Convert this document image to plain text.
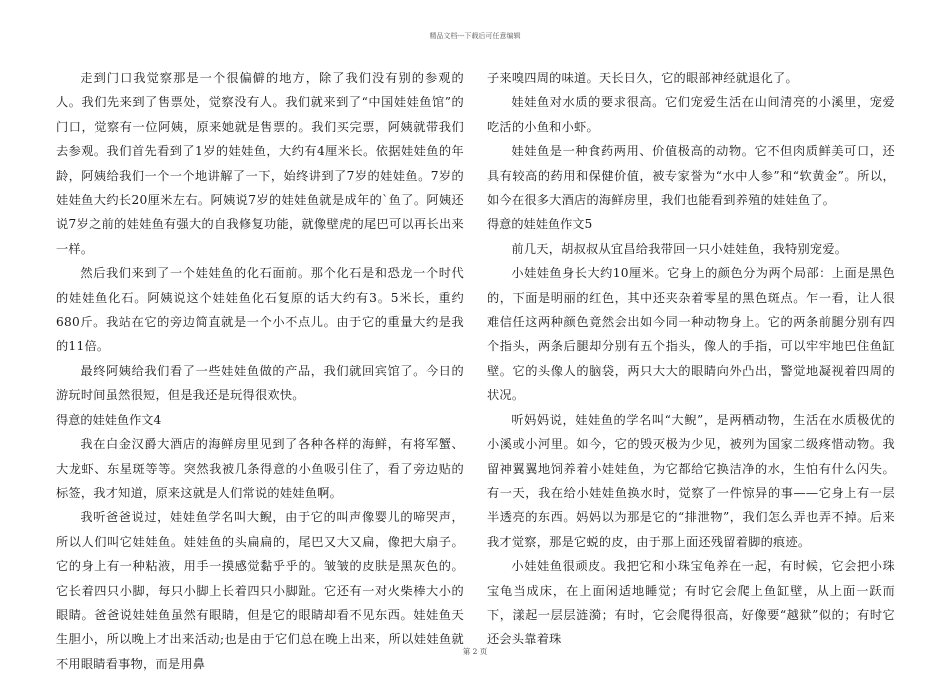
精品文档---下载后可任意编辑

走到门口我觉察那是一个很偏僻的地方，除了我们没有别的参观的人。我们先来到了售票处，觉察没有人。我们就来到了“中国娃娃鱼馆”的门口，觉察有一位阿姨，原来她就是售票的。我们买完票，阿姨就带我们去参观。我们首先看到了1岁的娃娃鱼，大约有4厘米长。依据娃娃鱼的年龄，阿姨给我们一个一个地讲解了一下，始终讲到了7岁的娃娃鱼。7岁的娃娃鱼大约长20厘米左右。阿姨说7岁的娃娃鱼就是成年的`鱼了。阿姨还说7岁之前的娃娃鱼有强大的自我修复功能，就像壁虎的尾巴可以再长出来一样。

然后我们来到了一个娃娃鱼的化石面前。那个化石是和恐龙一个时代的娃娃鱼化石。阿姨说这个娃娃鱼化石复原的话大约有3。5米长，重约680斤。我站在它的旁边简直就是一个小不点儿。由于它的重量大约是我的11倍。

最终阿姨给我们看了一些娃娃鱼做的产品，我们就回宾馆了。今日的游玩时间虽然很短，但是我还是玩得很欢快。

得意的娃娃鱼作文4

我在白金汉爵大酒店的海鲜房里见到了各种各样的海鲜，有将军蟹、大龙虾、东星斑等等。突然我被几条得意的小鱼吸引住了，看了旁边贴的标签，我才知道，原来这就是人们常说的娃娃鱼啊。

我听爸爸说过，娃娃鱼学名叫大鲵，由于它的叫声像婴儿的啼哭声，所以人们叫它娃娃鱼。娃娃鱼的头扁扁的，尾巴又大又扁，像把大扇子。它的身上有一种粘液，用手一摸感觉黏乎乎的。皱皱的皮肤是黑灰色的。它长着四只小脚，每只小脚上长着四只小脚趾。它还有一对火柴棒大小的眼睛。爸爸说娃娃鱼虽然有眼睛，但是它的眼睛却看不见东西。娃娃鱼天生胆小，所以晚上才出来活动;也是由于它们总在晚上出来，所以娃娃鱼就不用眼睛看事物，而是用鼻

子来嗅四周的味道。天长日久，它的眼部神经就退化了。

娃娃鱼对水质的要求很高。它们宠爱生活在山间清亮的小溪里，宠爱吃活的小鱼和小虾。

娃娃鱼是一种食药两用、价值极高的动物。它不但肉质鲜美可口，还具有较高的药用和保健价值，被专家誉为“水中人参”和“软黄金”。所以，如今在很多大酒店的海鲜房里，我们也能看到养殖的娃娃鱼了。

得意的娃娃鱼作文5

前几天，胡叔叔从宜昌给我带回一只小娃娃鱼，我特别宠爱。

小娃娃鱼身长大约10厘米。它身上的颜色分为两个局部：上面是黑色的，下面是明丽的红色，其中还夹杂着零星的黑色斑点。乍一看，让人很难信任这两种颜色竟然会出如今同一种动物身上。它的两条前腿分别有四个指头，两条后腿却分别有五个指头，像人的手指，可以牢牢地巴住鱼缸壁。它的头像人的脑袋，两只大大的眼睛向外凸出，警觉地凝视着四周的状况。

听妈妈说，娃娃鱼的学名叫“大鲵”，是两栖动物，生活在水质极优的小溪或小河里。如今，它的毁灭极为少见，被列为国家二级疼惜动物。我留神翼翼地饲养着小娃娃鱼，为它都给它换洁净的水，生怕有什么闪失。有一天，我在给小娃娃鱼换水时，觉察了一件惊异的事——它身上有一层半透亮的东西。妈妈以为那是它的“排泄物”，我们怎么弄也弄不掉。后来我才觉察，那是它蜕的皮，由于那上面还残留着脚的痕迹。

小娃娃鱼很顽皮。我把它和小珠宝龟养在一起，有时候，它会把小珠宝龟当成床，在上面闲适地睡觉；有时它会爬上鱼缸壁，从上面一跃而下，漾起一层层涟漪；有时，它会爬得很高，好像要“越狱”似的；有时它还会头靠着珠

第 2 页
